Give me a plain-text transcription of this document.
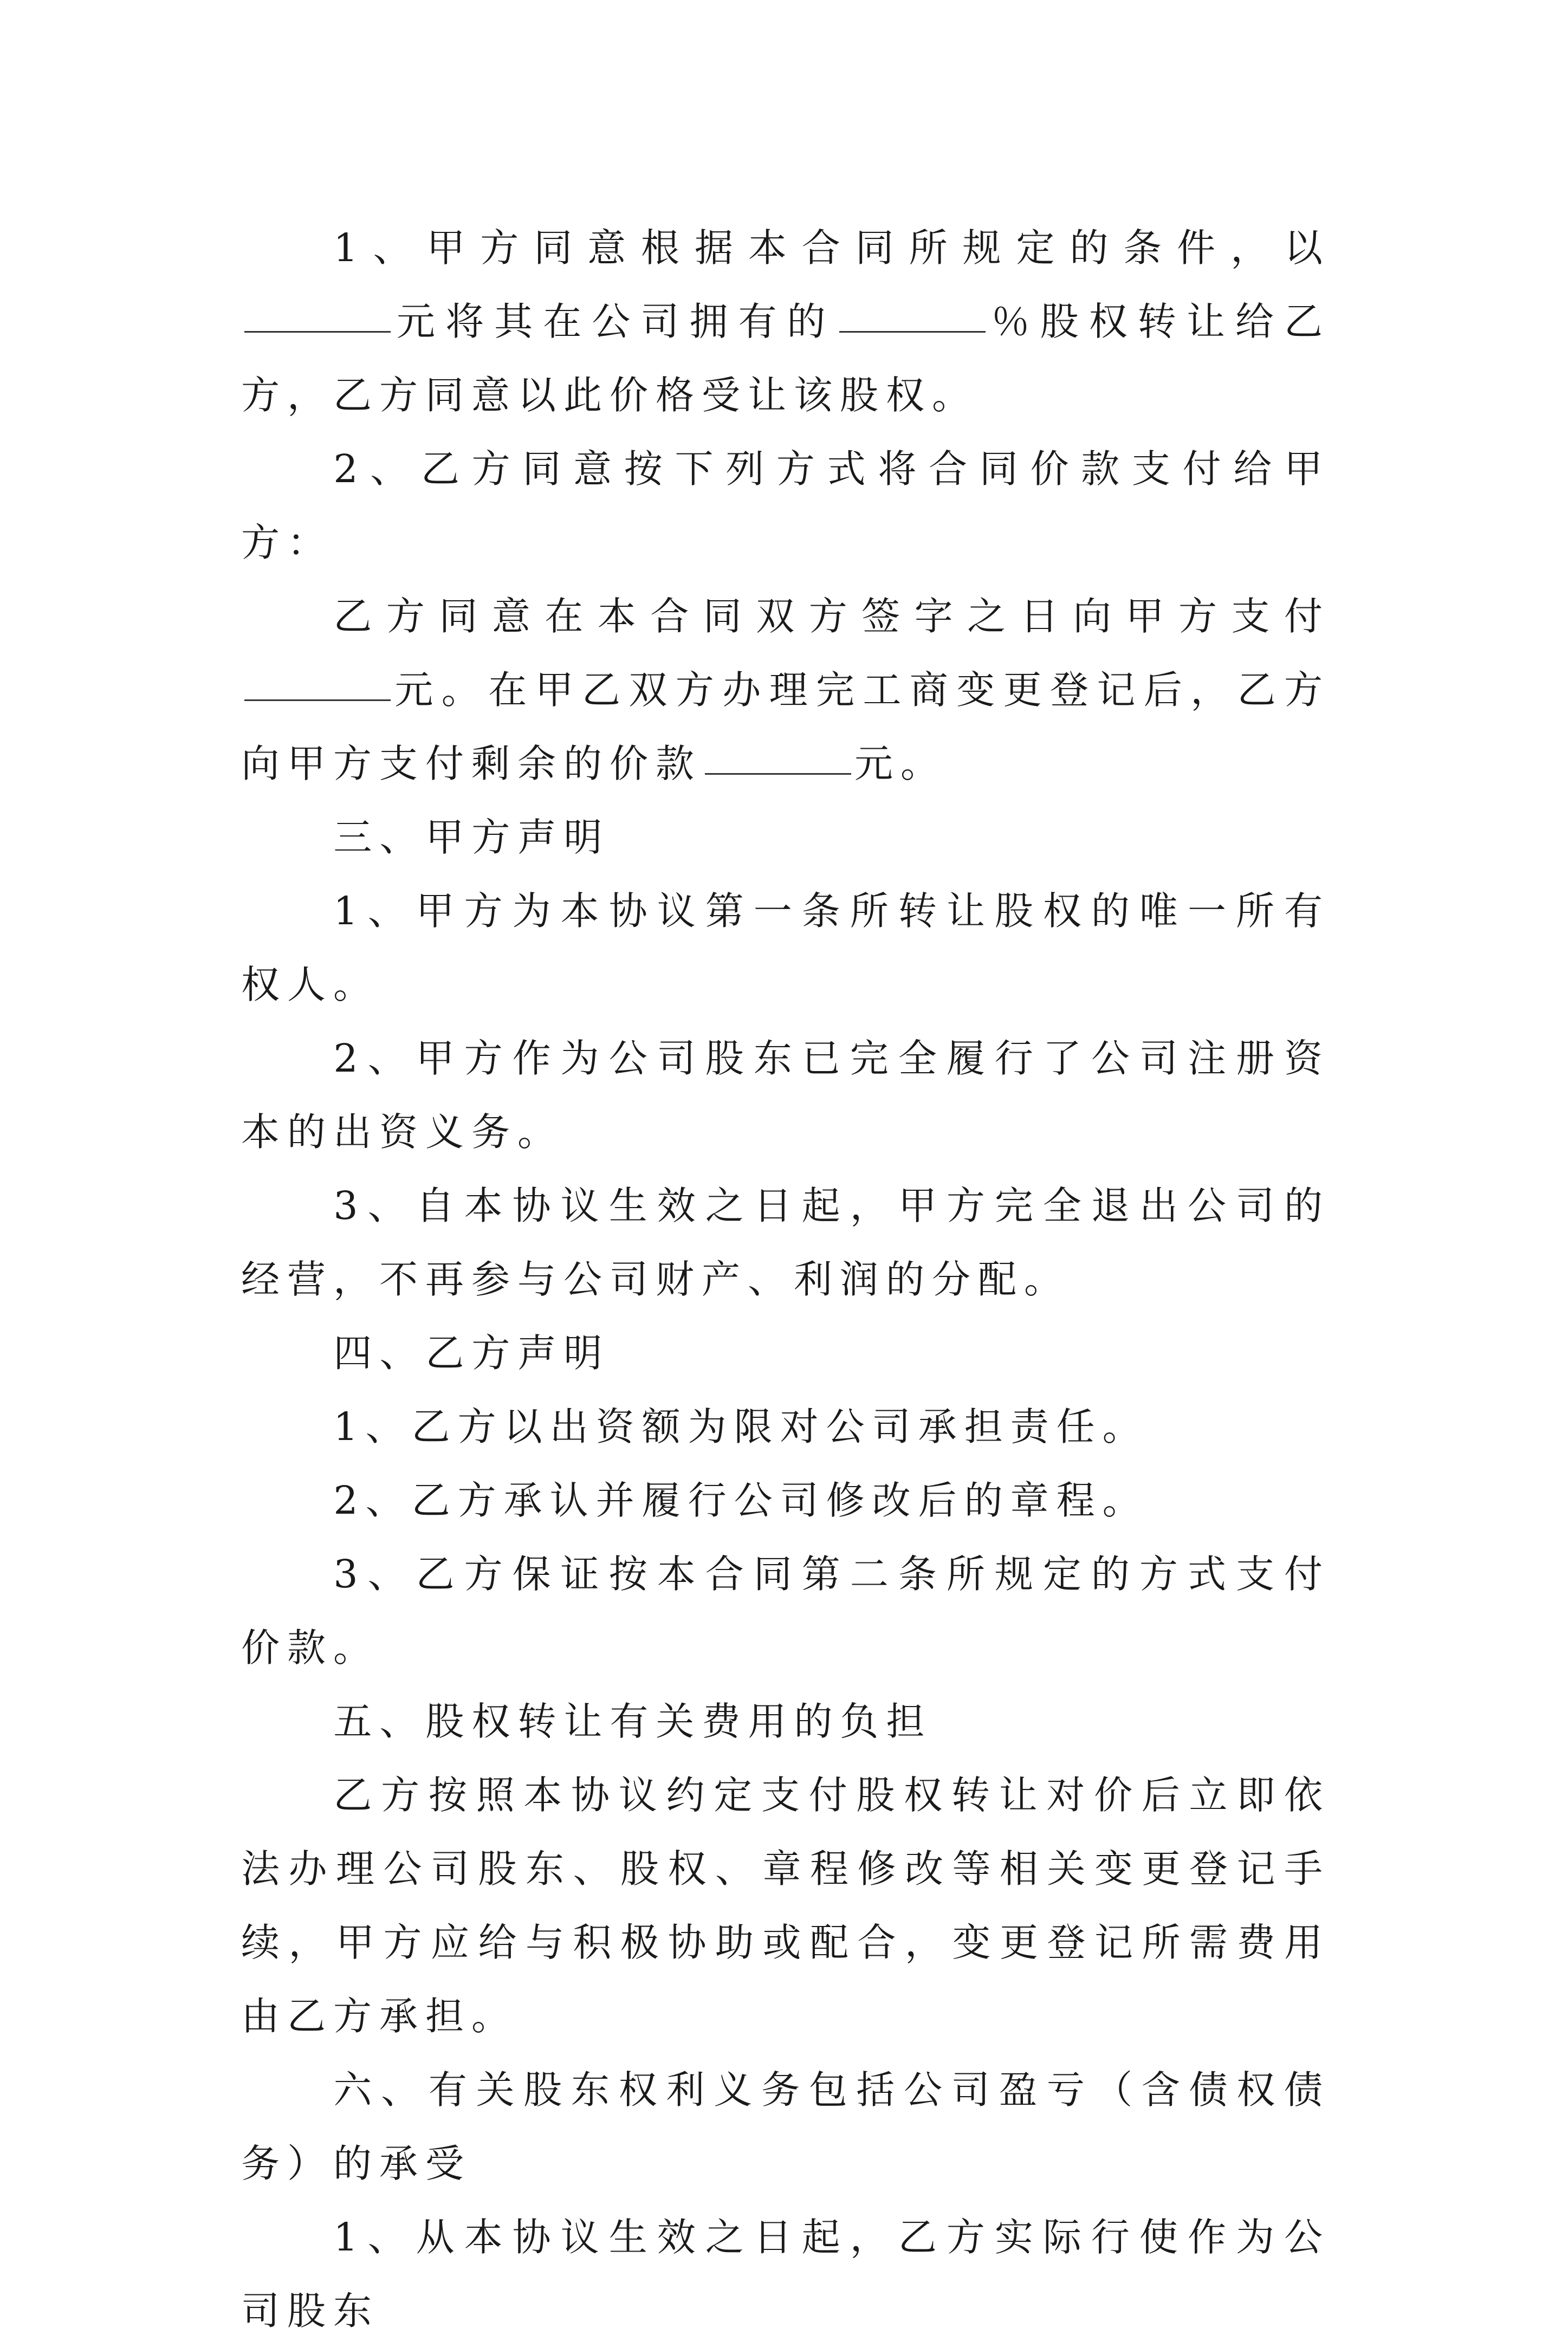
1、甲方同意根据本合同所规定的条件，以元将其在公司拥有的	％股权转让给乙方，乙方同意以此价格受让该股权。

2、乙方同意按下列方式将合同价款支付给甲方：

乙方同意在本合同双方签字之日向甲方支付元。在甲乙双方办理完工商变更登记后，乙方向甲方支付剩余的价款	元。

三、甲方声明

1、甲方为本协议第一条所转让股权的唯一所有权人。

2、甲方作为公司股东已完全履行了公司注册资本的出资义务。

3、自本协议生效之日起，甲方完全退出公司的经营，不再参与公司财产、利润的分配。

四、乙方声明

1、乙方以出资额为限对公司承担责任。

2、乙方承认并履行公司修改后的章程。

3、乙方保证按本合同第二条所规定的方式支付价款。

五、股权转让有关费用的负担

乙方按照本协议约定支付股权转让对价后立即依法办理公司股东、股权、章程修改等相关变更登记手续，甲方应给与积极协助或配合，变更登记所需费用由乙方承担。

六、有关股东权利义务包括公司盈亏（含债权债务）的承受

1、从本协议生效之日起，乙方实际行使作为公司股东
